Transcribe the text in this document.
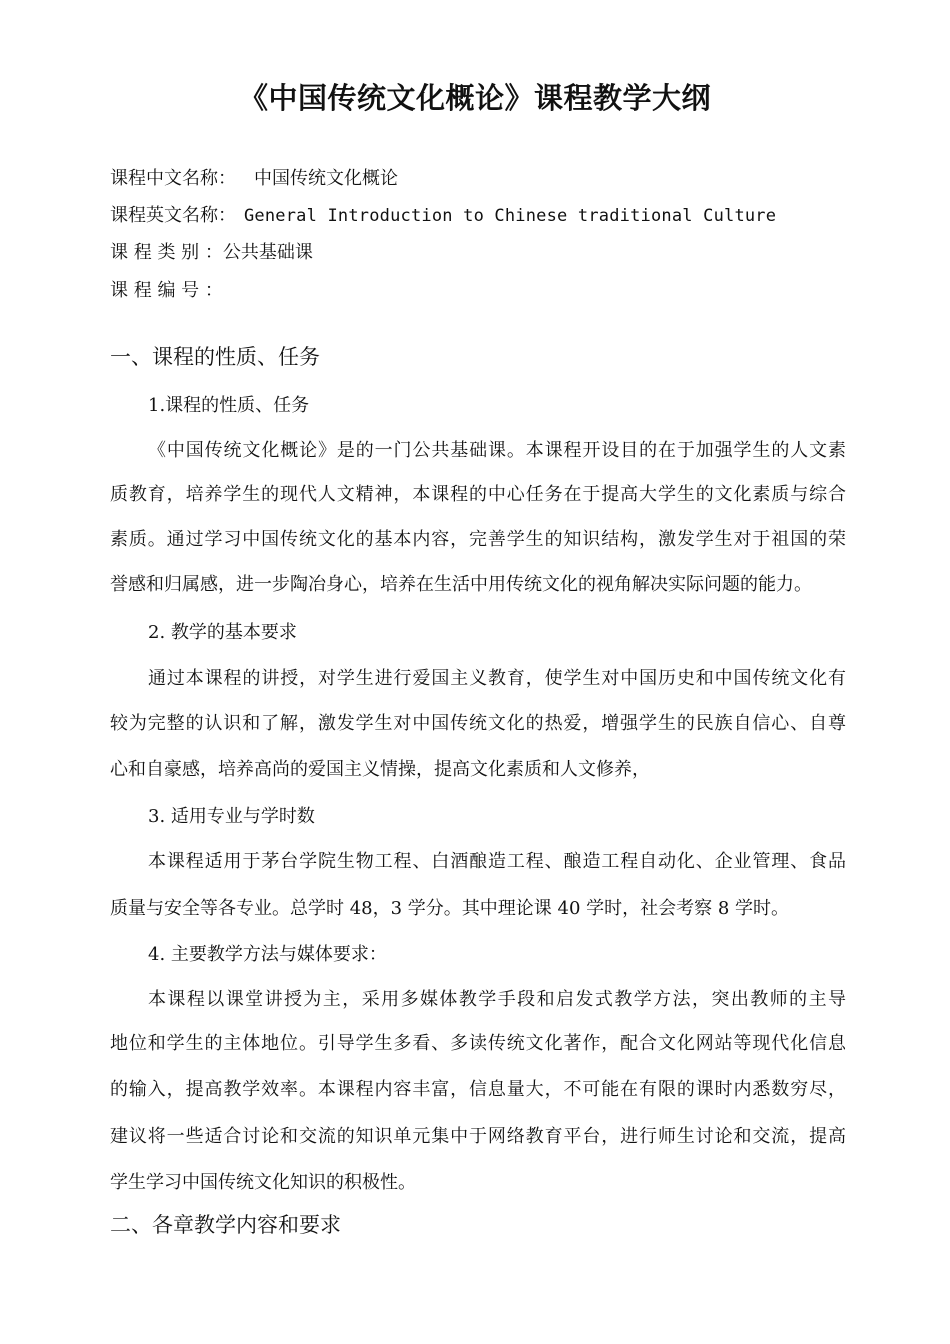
《中国传统文化概论》课程教学大纲
课程中文名称： 中国传统文化概论
课程英文名称： General Introduction to Chinese traditional Culture
课 程 类 别 ：公共基础课
课 程 编 号 ：
一、课程的性质、任务
1.课程的性质、任务
《中国传统文化概论》是的一门公共基础课。本课程开设目的在于加强学生的人文素
质教育，培养学生的现代人文精神，本课程的中心任务在于提高大学生的文化素质与综合
素质。通过学习中国传统文化的基本内容，完善学生的知识结构，激发学生对于祖国的荣
誉感和归属感，进一步陶冶身心，培养在生活中用传统文化的视角解决实际问题的能力。
2. 教学的基本要求
通过本课程的讲授，对学生进行爱国主义教育，使学生对中国历史和中国传统文化有
较为完整的认识和了解，激发学生对中国传统文化的热爱，增强学生的民族自信心、自尊
心和自豪感，培养高尚的爱国主义情操，提高文化素质和人文修养，
3. 适用专业与学时数
本课程适用于茅台学院生物工程、白酒酿造工程、酿造工程自动化、企业管理、食品
质量与安全等各专业。总学时 48，3 学分。其中理论课 40 学时，社会考察 8 学时。
4. 主要教学方法与媒体要求：
本课程以课堂讲授为主，采用多媒体教学手段和启发式教学方法，突出教师的主导
地位和学生的主体地位。引导学生多看、多读传统文化著作，配合文化网站等现代化信息
的输入，提高教学效率。本课程内容丰富，信息量大，不可能在有限的课时内悉数穷尽，
建议将一些适合讨论和交流的知识单元集中于网络教育平台，进行师生讨论和交流，提高
学生学习中国传统文化知识的积极性。
二、各章教学内容和要求
